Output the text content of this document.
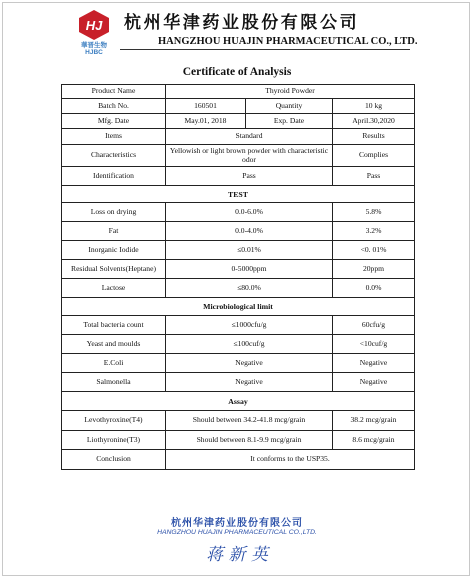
HJ
華晋生物
HJBC
杭州华津药业股份有限公司
HANGZHOU HUAJIN PHARMACEUTICAL CO., LTD.
Certificate of Analysis
Product Name	Thyroid Powder
Batch No.	160501	Quantity	10 kg
Mfg. Date	May.01, 2018	Exp. Date	April.30,2020
Items	Standard	Results
Characteristics	Yellowish or light brown powder with characteristic odor	Complies
Identification	Pass	Pass
TEST
Loss on drying	0.0-6.0%	5.8%
Fat	0.0-4.0%	3.2%
Inorganic Iodide	≤0.01%	<0. 01%
Residual Solvents(Heptane)	0-5000ppm	20ppm
Lactose	≤80.0%	0.0%
Microbiological limit
Total bacteria count	≤1000cfu/g	60cfu/g
Yeast and moulds	≤100cuf/g	<10cuf/g
E.Coli	Negative	Negative
Salmonella	Negative	Negative
Assay
Levothyroxine(T4)	Should between 34.2-41.8 mcg/grain	38.2 mcg/grain
Liothyronine(T3)	Should between 8.1-9.9 mcg/grain	8.6 mcg/grain
Conclusion	It conforms to the USP35.
杭州华津药业股份有限公司
HANGZHOU HUAJIN PHARMACEUTICAL CO.,LTD.
蒋 新 英
